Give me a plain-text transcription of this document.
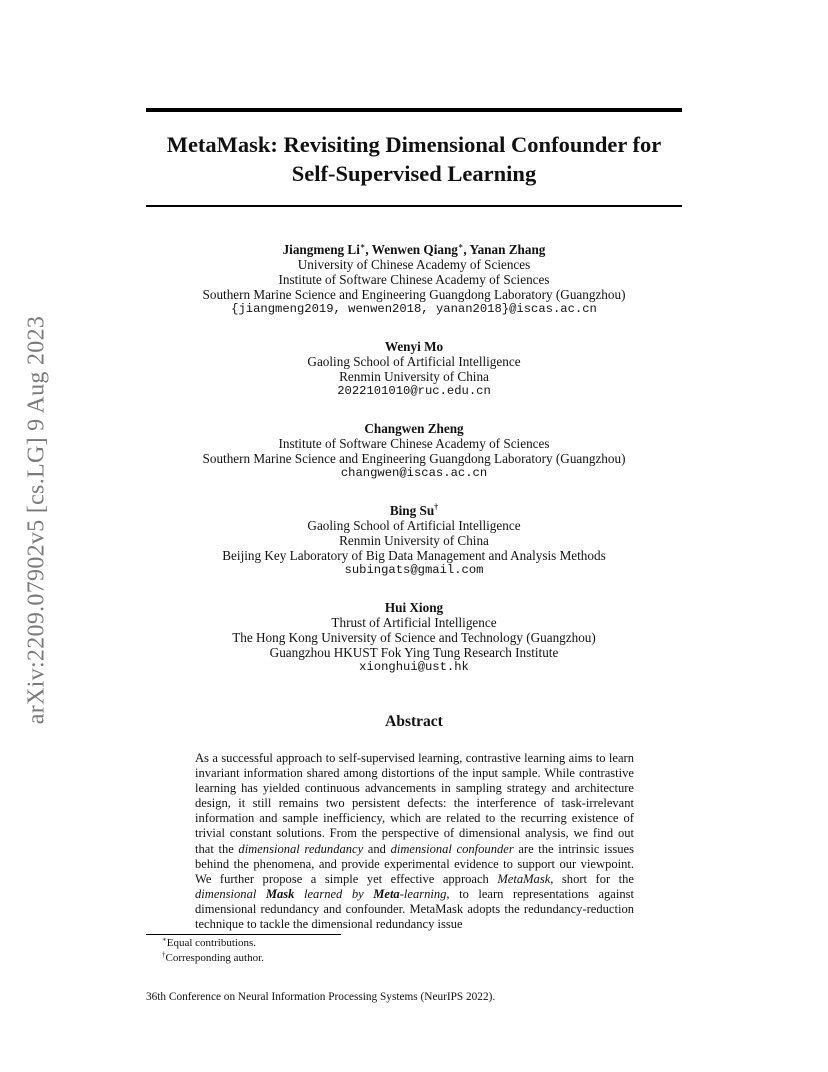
MetaMask: Revisiting Dimensional Confounder for
Self-Supervised Learning
arXiv:2209.07902v5 [cs.LG] 9 Aug 2023
Jiangmeng Li∗, Wenwen Qiang∗, Yanan Zhang
University of Chinese Academy of Sciences
Institute of Software Chinese Academy of Sciences
Southern Marine Science and Engineering Guangdong Laboratory (Guangzhou)
{jiangmeng2019, wenwen2018, yanan2018}@iscas.ac.cn
Wenyi Mo
Gaoling School of Artificial Intelligence
Renmin University of China
2022101010@ruc.edu.cn
Changwen Zheng
Institute of Software Chinese Academy of Sciences
Southern Marine Science and Engineering Guangdong Laboratory (Guangzhou)
changwen@iscas.ac.cn
Bing Su†
Gaoling School of Artificial Intelligence
Renmin University of China
Beijing Key Laboratory of Big Data Management and Analysis Methods
subingats@gmail.com
Hui Xiong
Thrust of Artificial Intelligence
The Hong Kong University of Science and Technology (Guangzhou)
Guangzhou HKUST Fok Ying Tung Research Institute
xionghui@ust.hk
Abstract

As a successful approach to self-supervised learning, contrastive learning aims to learn invariant information shared among distortions of the input sample. While contrastive learning has yielded continuous advancements in sampling strategy and architecture design, it still remains two persistent defects: the interference of task-irrelevant information and sample inefficiency, which are related to the recurring existence of trivial constant solutions. From the perspective of dimensional analysis, we find out that the dimensional redundancy and dimensional confounder are the intrinsic issues behind the phenomena, and provide experimental evidence to support our viewpoint. We further propose a simple yet effective approach MetaMask, short for the dimensional Mask learned by Meta-learning, to learn representations against dimensional redundancy and confounder. MetaMask adopts the redundancy-reduction technique to tackle the dimensional redundancy issue

∗Equal contributions.
†Corresponding author.
36th Conference on Neural Information Processing Systems (NeurIPS 2022).
